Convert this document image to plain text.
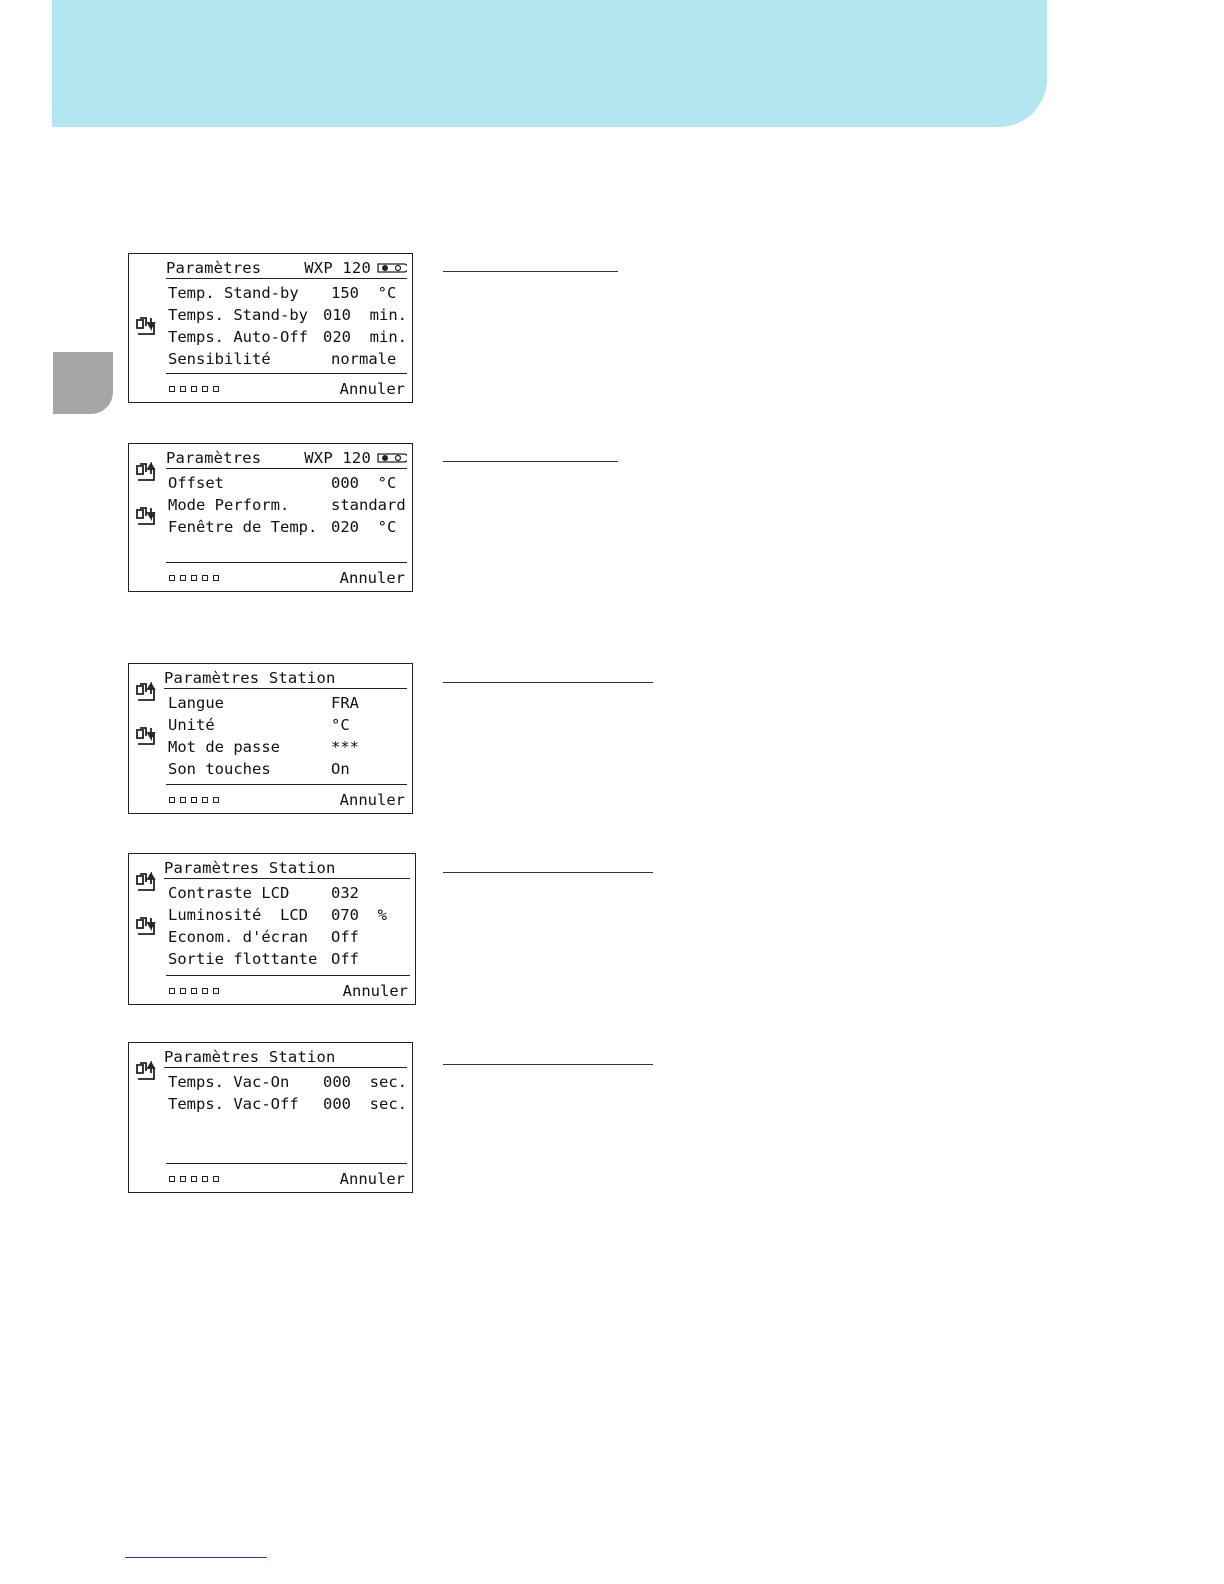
Paramètres	WXP 120
Temp. Stand-by	150  °C
Temps. Stand-by 010  min.
Temps. Auto-Off 020  min.
Sensibilité	normale
Annuler
Paramètres	WXP 120
Offset	000  °C
Mode Perform.	standard
Fenêtre de Temp. 020  °C
Annuler
Paramètres Station
Langue	FRA
Unité	°C
Mot de passe	***
Son touches	On
Annuler
Paramètres Station
Contraste LCD	032
Luminosité  LCD	070  %
Econom. d'écran	Off
Sortie flottante Off
Annuler
Paramètres Station
Temps. Vac-On	000  sec.
Temps. Vac-Off	000  sec.
Annuler
